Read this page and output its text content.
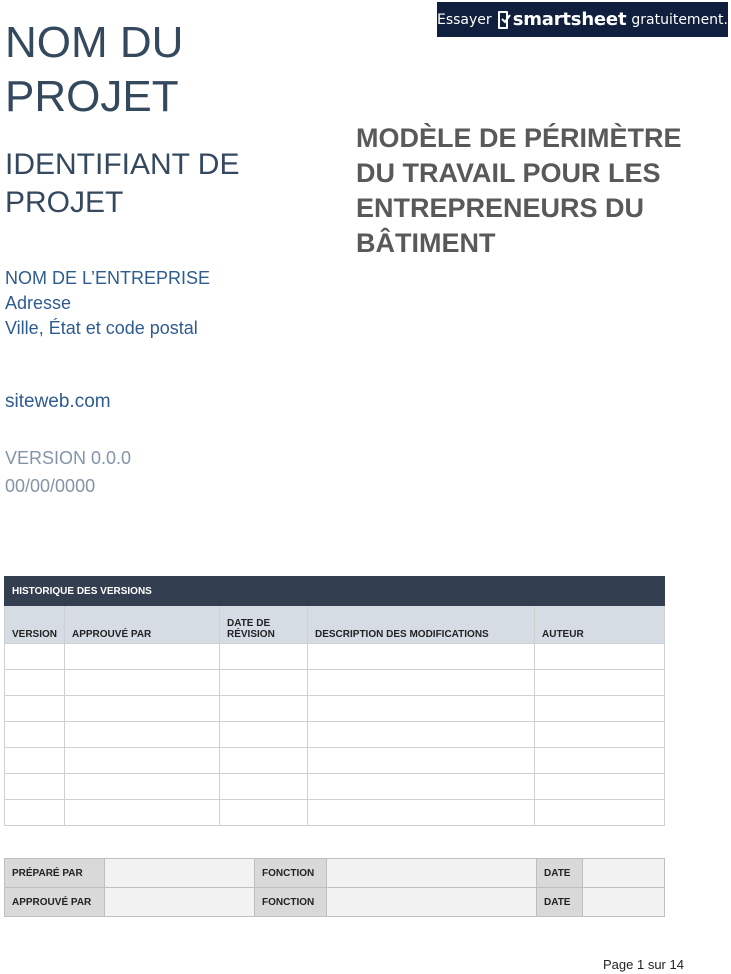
Essayer smartsheet gratuitement.
NOM DU PROJET
IDENTIFIANT DE PROJET
NOM DE L’ENTREPRISE
Adresse
Ville, État et code postal
siteweb.com
VERSION 0.0.0
00/00/0000
MODÈLE DE PÉRIMÈTRE DU TRAVAIL POUR LES ENTREPRENEURS DU BÂTIMENT
HISTORIQUE DES VERSIONS				
VERSION	APPROUVÉ PAR	DATE DE RÉVISION	DESCRIPTION DES MODIFICATIONS	AUTEUR

PRÉPARÉ PAR		FONCTION		DATE	
APPROUVÉ PAR		FONCTION		DATE	
Page 1 sur 14
